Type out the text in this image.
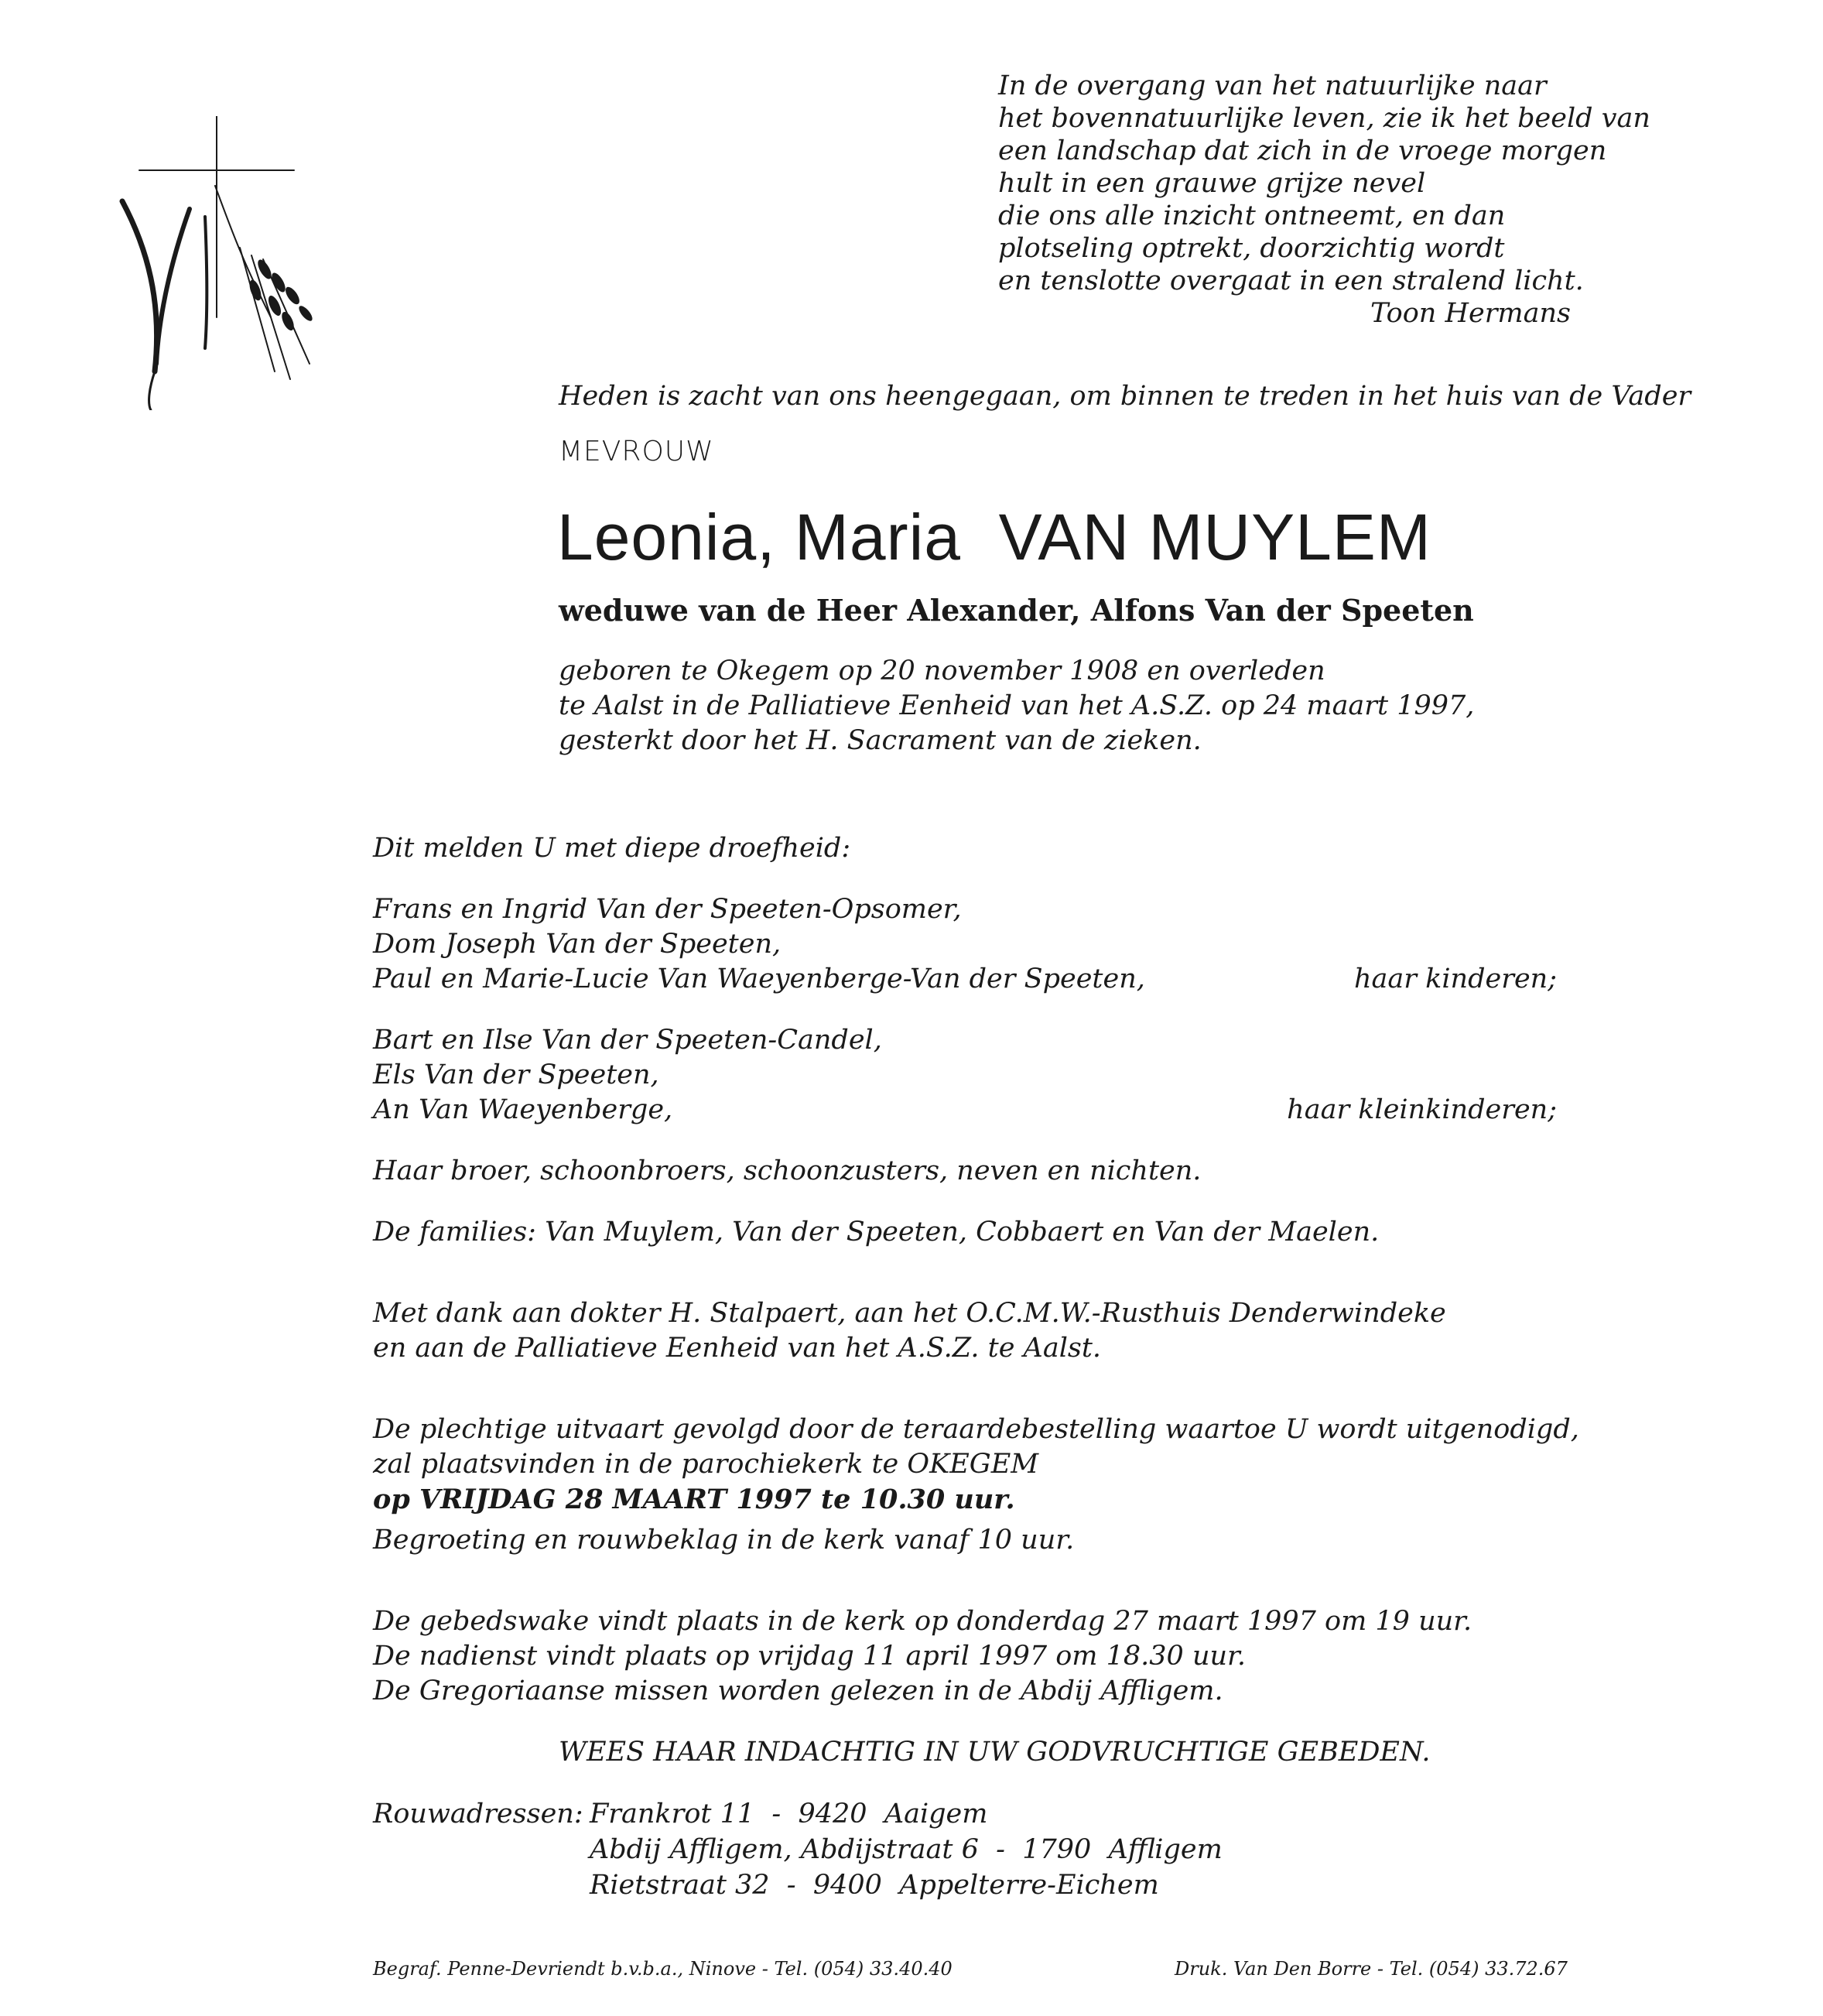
In de overgang van het natuurlijke naar
het bovennatuurlijke leven, zie ik het beeld van
een landschap dat zich in de vroege morgen
hult in een grauwe grijze nevel
die ons alle inzicht ontneemt, en dan
plotseling optrekt, doorzichtig wordt
en tenslotte overgaat in een stralend licht.
Toon Hermans
Heden is zacht van ons heengegaan, om binnen te treden in het huis van de Vader
MEVROUW
Leonia, Maria  VAN MUYLEM
weduwe van de Heer Alexander, Alfons Van der Speeten
geboren te Okegem op 20 november 1908 en overleden
te Aalst in de Palliatieve Eenheid van het A.S.Z. op 24 maart 1997,
gesterkt door het H. Sacrament van de zieken.
Dit melden U met diepe droefheid:
Frans en Ingrid Van der Speeten-Opsomer,
Dom Joseph Van der Speeten,
Paul en Marie-Lucie Van Waeyenberge-Van der Speeten,	haar kinderen;
Bart en Ilse Van der Speeten-Candel,
Els Van der Speeten,
An Van Waeyenberge,	haar kleinkinderen;
Haar broer, schoonbroers, schoonzusters, neven en nichten.
De families: Van Muylem, Van der Speeten, Cobbaert en Van der Maelen.
Met dank aan dokter H. Stalpaert, aan het O.C.M.W.-Rusthuis Denderwindeke
en aan de Palliatieve Eenheid van het A.S.Z. te Aalst.
De plechtige uitvaart gevolgd door de teraardebestelling waartoe U wordt uitgenodigd,
zal plaatsvinden in de parochiekerk te OKEGEM
op VRIJDAG 28 MAART 1997 te 10.30 uur.
Begroeting en rouwbeklag in de kerk vanaf 10 uur.
De gebedswake vindt plaats in de kerk op donderdag 27 maart 1997 om 19 uur.
De nadienst vindt plaats op vrijdag 11 april 1997 om 18.30 uur.
De Gregoriaanse missen worden gelezen in de Abdij Affligem.
WEES HAAR INDACHTIG IN UW GODVRUCHTIGE GEBEDEN.
Rouwadressen: Frankrot 11  -  9420  Aaigem
Abdij Affligem, Abdijstraat 6  -  1790  Affligem
Rietstraat 32  -  9400  Appelterre-Eichem
Begraf. Penne-Devriendt b.v.b.a., Ninove - Tel. (054) 33.40.40	Druk. Van Den Borre - Tel. (054) 33.72.67
